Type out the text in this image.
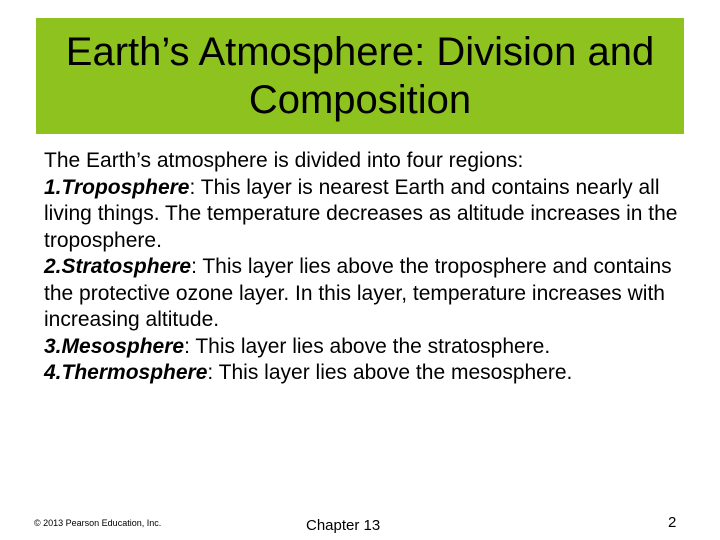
Earth’s Atmosphere: Division and Composition

The Earth’s atmosphere is divided into four regions:

1.Troposphere: This layer is nearest Earth and contains nearly all living things. The temperature decreases as altitude increases in the troposphere.

2.Stratosphere: This layer lies above the troposphere and contains the protective ozone layer. In this layer, temperature increases with increasing altitude.

3.Mesosphere: This layer lies above the stratosphere.

4.Thermosphere: This layer lies above the mesosphere.

© 2013 Pearson Education, Inc.	Chapter 13	2
